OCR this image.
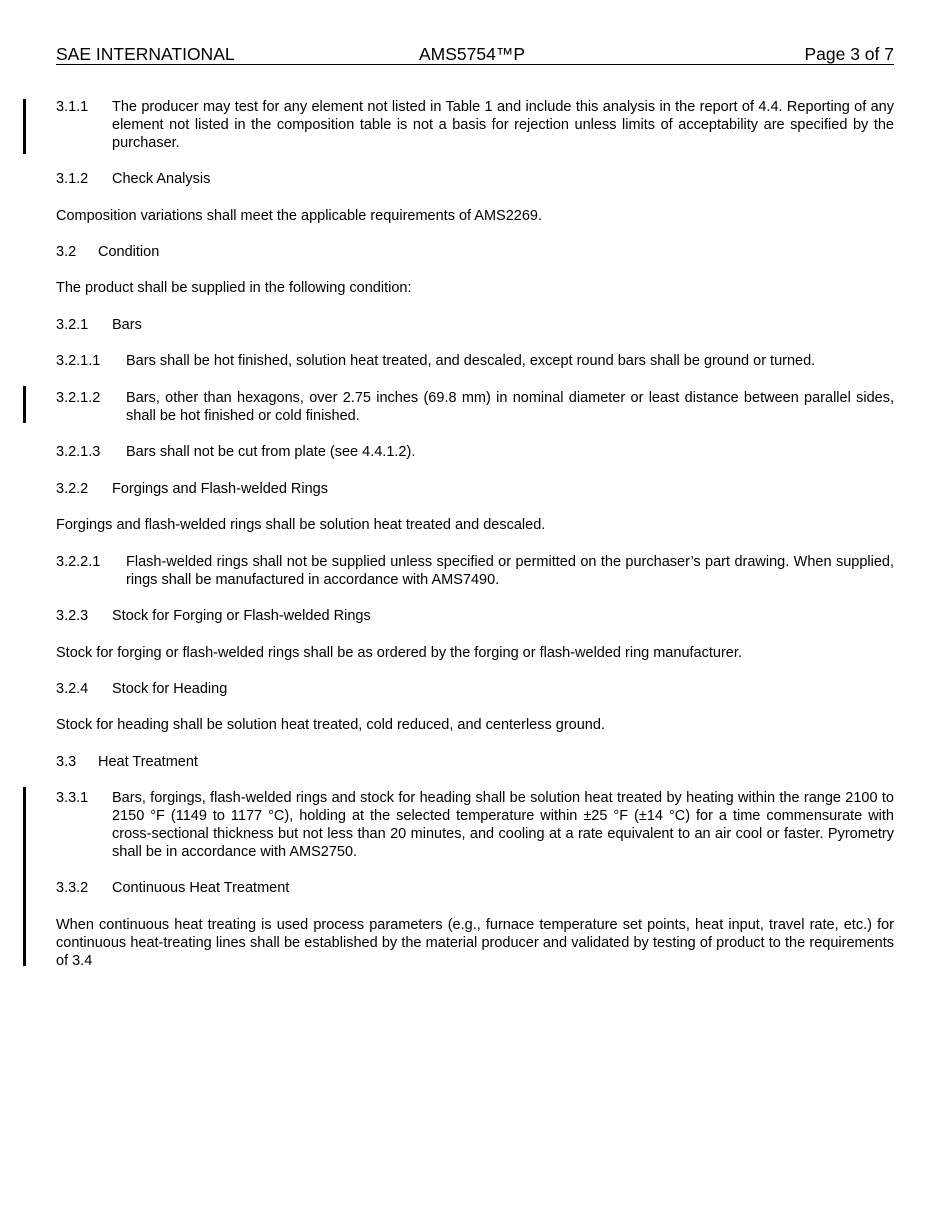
SAE INTERNATIONAL	AMS5754™P	Page 3 of 7
3.1.1 The producer may test for any element not listed in Table 1 and include this analysis in the report of 4.4. Reporting of any element not listed in the composition table is not a basis for rejection unless limits of acceptability are specified by the purchaser.
3.1.2 Check Analysis
Composition variations shall meet the applicable requirements of AMS2269.
3.2 Condition
The product shall be supplied in the following condition:
3.2.1 Bars
3.2.1.1 Bars shall be hot finished, solution heat treated, and descaled, except round bars shall be ground or turned.
3.2.1.2 Bars, other than hexagons, over 2.75 inches (69.8 mm) in nominal diameter or least distance between parallel sides, shall be hot finished or cold finished.
3.2.1.3 Bars shall not be cut from plate (see 4.4.1.2).
3.2.2 Forgings and Flash-welded Rings
Forgings and flash-welded rings shall be solution heat treated and descaled.
3.2.2.1 Flash-welded rings shall not be supplied unless specified or permitted on the purchaser’s part drawing. When supplied, rings shall be manufactured in accordance with AMS7490.
3.2.3 Stock for Forging or Flash-welded Rings
Stock for forging or flash-welded rings shall be as ordered by the forging or flash-welded ring manufacturer.
3.2.4 Stock for Heading
Stock for heading shall be solution heat treated, cold reduced, and centerless ground.
3.3 Heat Treatment
3.3.1 Bars, forgings, flash-welded rings and stock for heading shall be solution heat treated by heating within the range 2100 to 2150 °F (1149 to 1177 °C), holding at the selected temperature within ±25 °F (±14 °C) for a time commensurate with cross-sectional thickness but not less than 20 minutes, and cooling at a rate equivalent to an air cool or faster. Pyrometry shall be in accordance with AMS2750.
3.3.2 Continuous Heat Treatment
When continuous heat treating is used process parameters (e.g., furnace temperature set points, heat input, travel rate, etc.) for continuous heat-treating lines shall be established by the material producer and validated by testing of product to the requirements of 3.4
